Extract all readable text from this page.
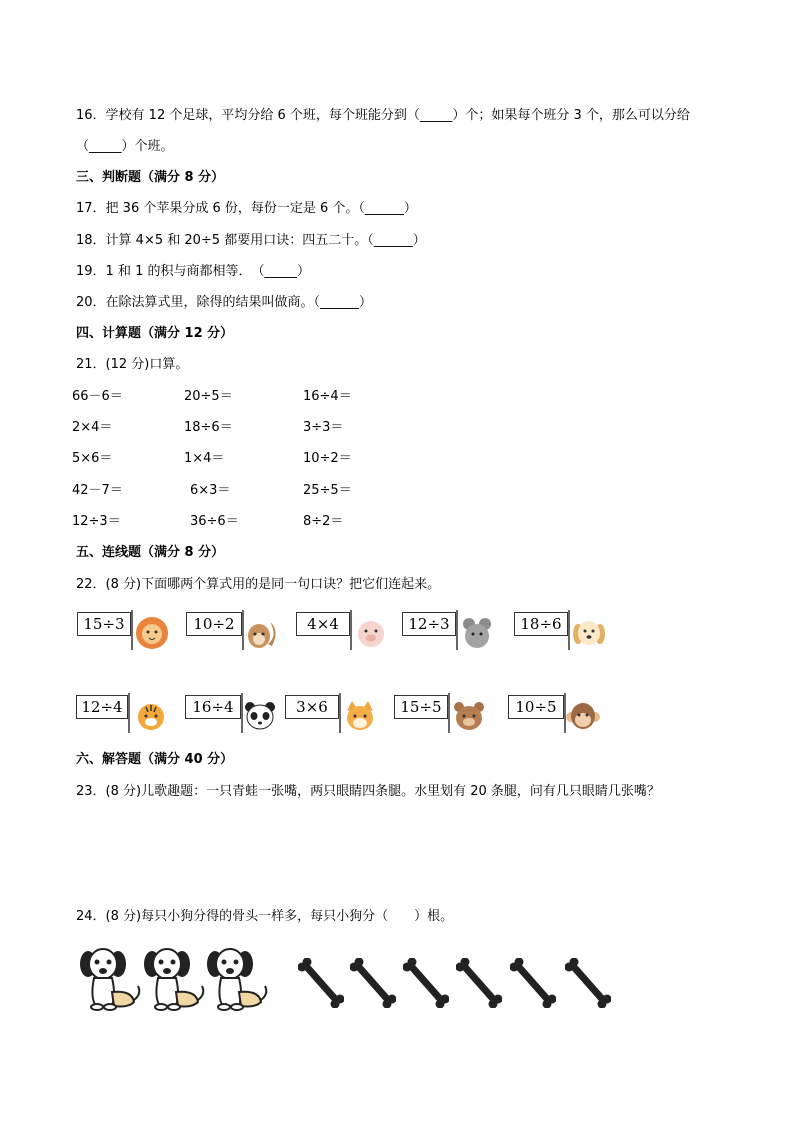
16．学校有 12 个足球，平均分给 6 个班，每个班能分到（_____）个；如果每个班分 3 个，那么可以分给
（_____）个班。
三、判断题（满分 8 分）
17．把 36 个苹果分成 6 份，每份一定是 6 个。（______）
18．计算 4×5 和 20÷5 都要用口诀：四五二十。（______）
19．1 和 1 的积与商都相等．　（_____）
20．在除法算式里，除得的结果叫做商。（______）
四、计算题（满分 12 分）
21．(12 分)口算。
66－6＝	20÷5＝	16÷4＝
2×4＝	18÷6＝	3÷3＝
5×6＝	1×4＝	10÷2＝
42－7＝	6×3＝	25÷5＝
12÷3＝	36÷6＝	8÷2＝
五、连线题（满分 8 分）
22．(8 分)下面哪两个算式用的是同一句口诀？把它们连起来。
15÷3	10÷2	4×4	12÷3	18÷6
12÷4	16÷4	3×6	15÷5	10÷5
六、解答题（满分 40 分）
23．(8 分)儿歌趣题：一只青蛙一张嘴，两只眼睛四条腿。水里划有 20 条腿，问有几只眼睛几张嘴？
24．(8 分)每只小狗分得的骨头一样多，每只小狗分（　　）根。
